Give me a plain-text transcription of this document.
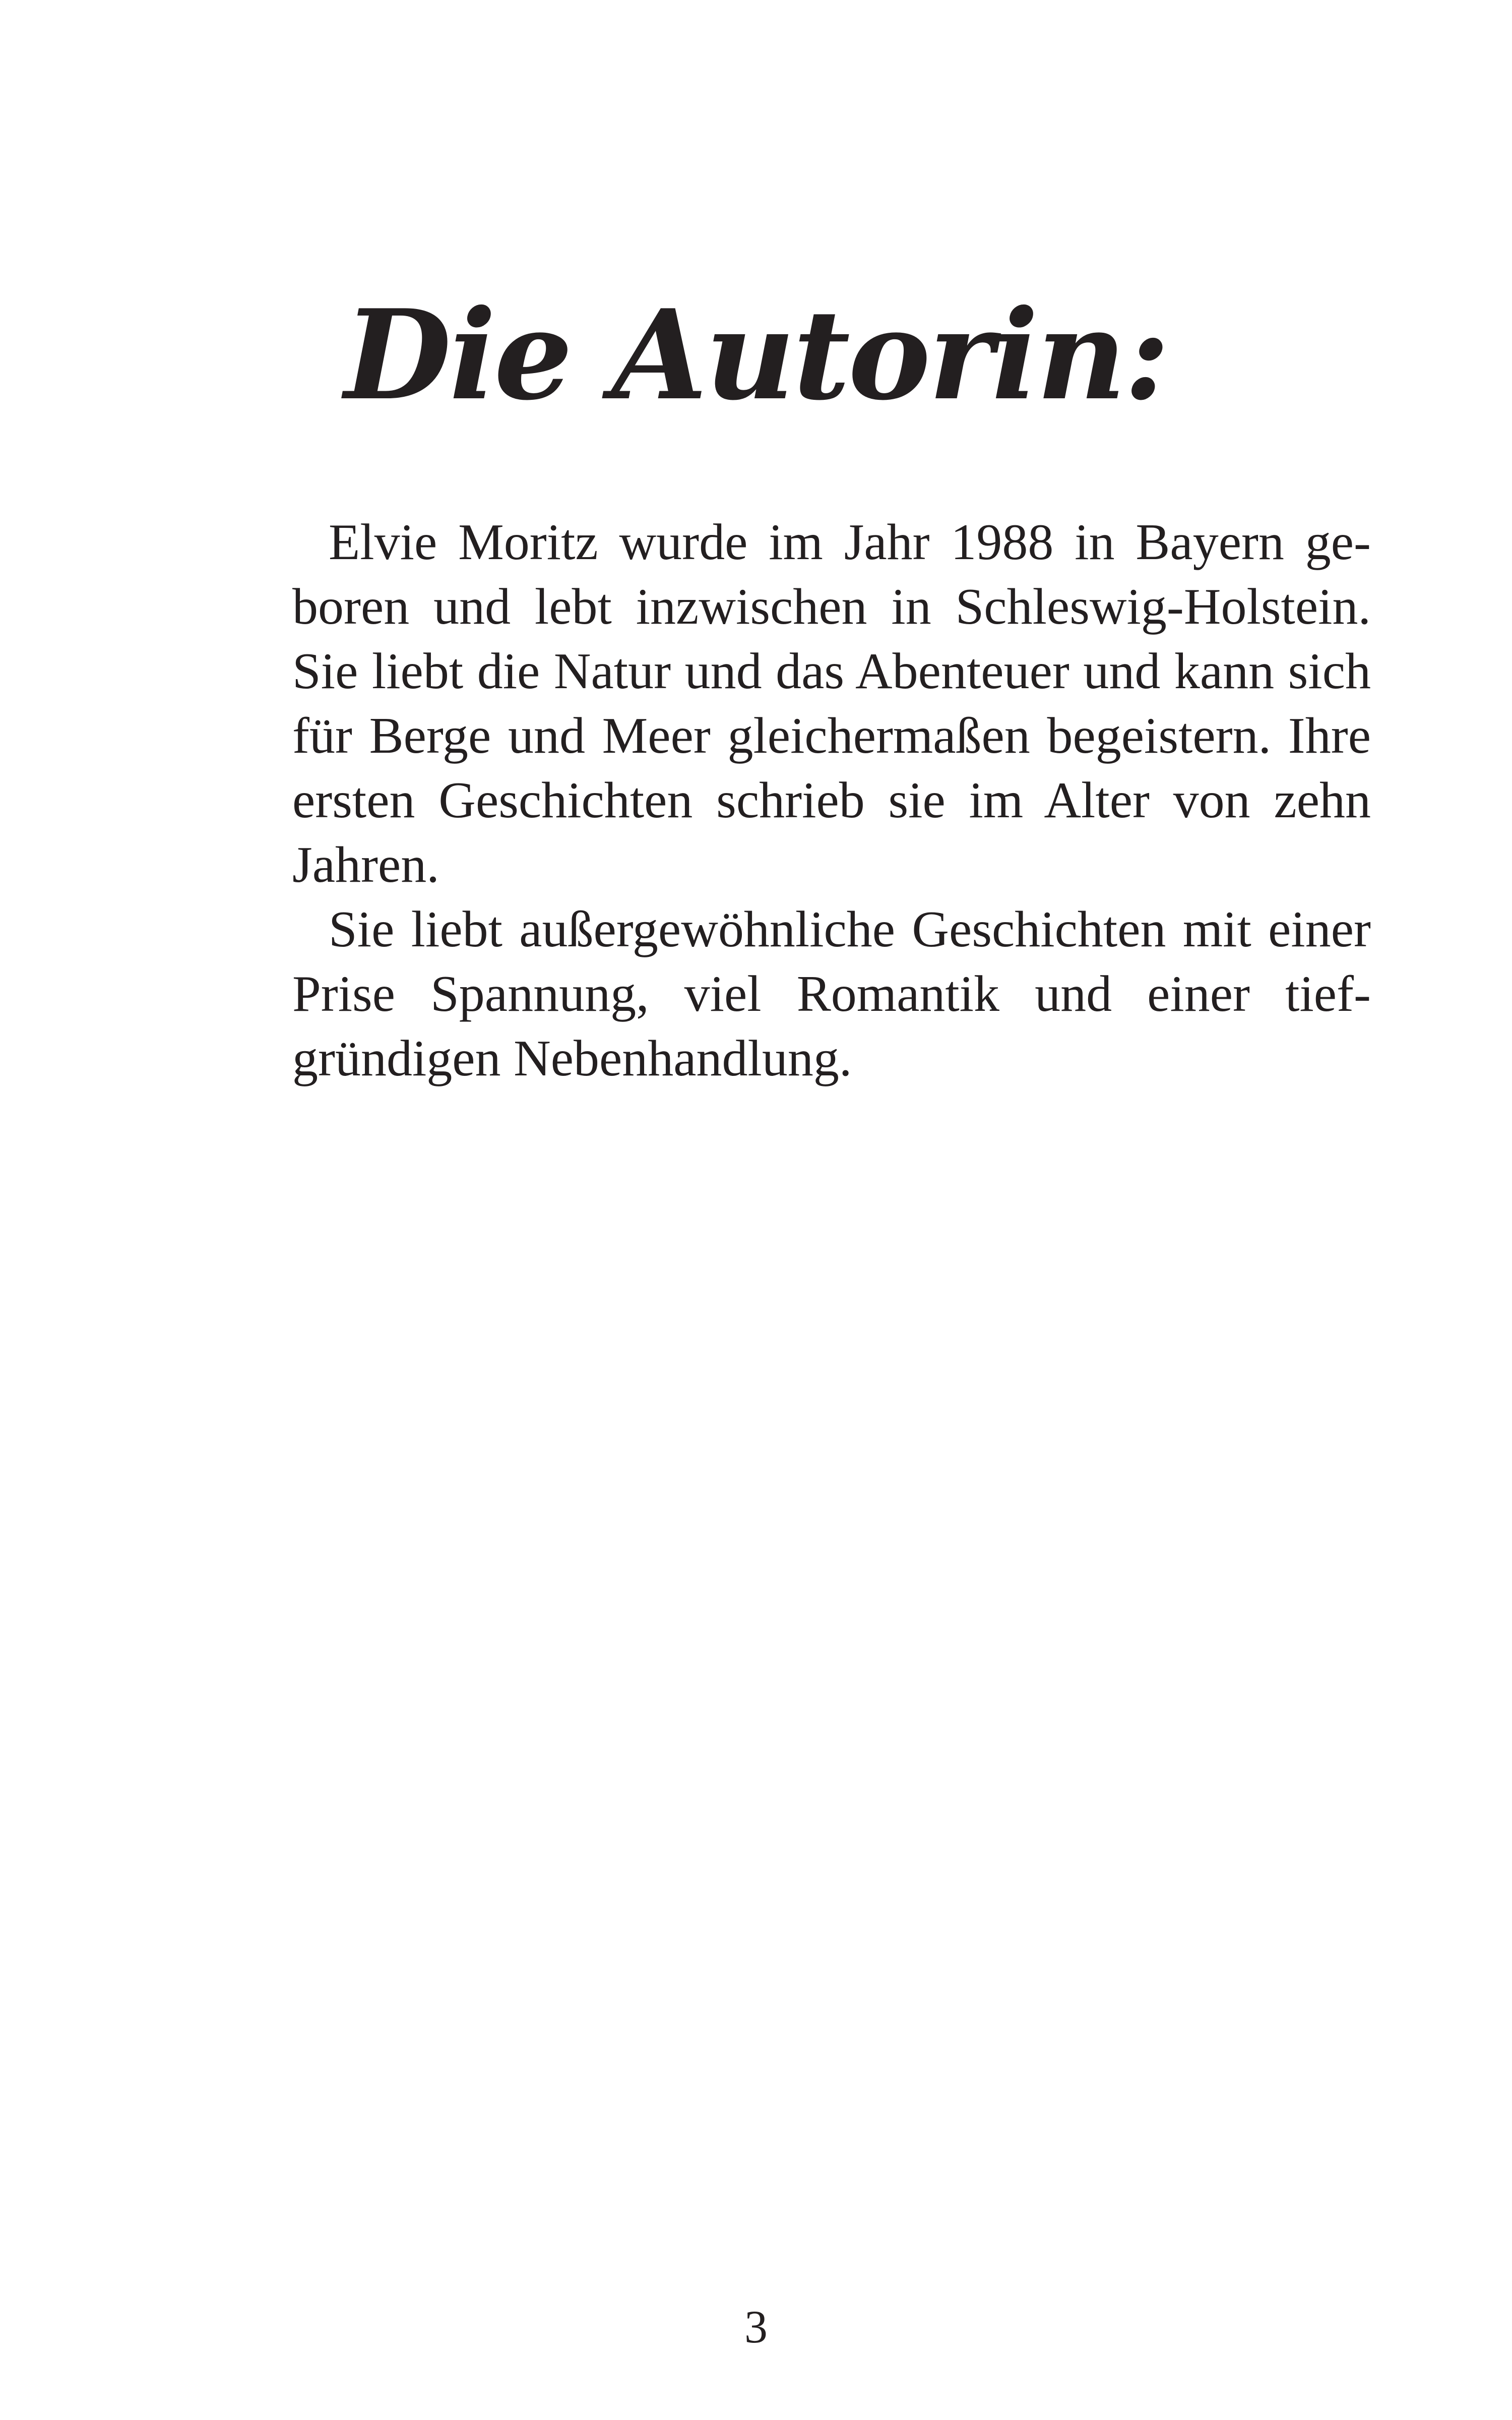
Die Autorin:

Elvie Moritz wurde im Jahr 1988 in Bayern geboren und lebt inzwischen in Schleswig-Holstein. Sie liebt die Natur und das Abenteuer und kann sich für Berge und Meer gleichermaßen begeistern. Ihre ersten Geschichten schrieb sie im Alter von zehn Jahren.

Sie liebt außergewöhnliche Geschichten mit einer Prise Spannung, viel Romantik und einer tiefgründigen Nebenhandlung.

3
